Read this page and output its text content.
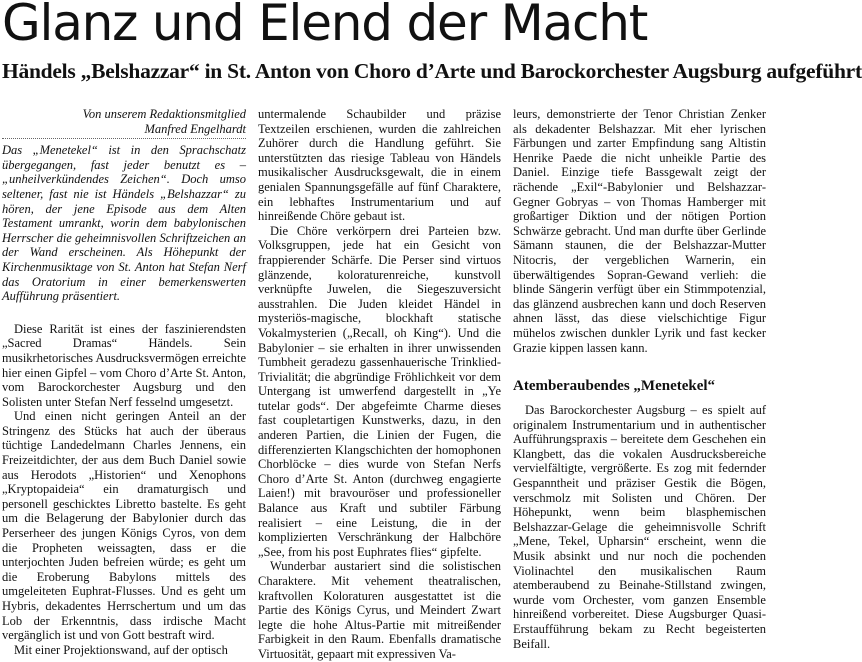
Glanz und Elend der Macht
Händels „Belshazzar“ in St. Anton von Choro d’Arte und Barockorchester Augsburg aufgeführt

Von unserem Redaktionsmitglied

Manfred Engelhardt

Das „Menetekel“ ist in den Sprachschatz übergegangen, fast jeder benutzt es – „unheilverkündendes Zeichen“. Doch umso seltener, fast nie ist Händels „Belshazzar“ zu hören, der jene Episode aus dem Alten Testament umrankt, worin dem babylonischen Herrscher die geheimnisvollen Schriftzeichen an der Wand erscheinen. Als Höhepunkt der Kirchenmusiktage von St. Anton hat Stefan Nerf das Oratorium in einer bemerkenswerten Aufführung präsentiert.

Diese Rarität ist eines der faszinierendsten „Sacred Dramas“ Händels. Sein musikrhetorisches Ausdrucksvermögen erreichte hier einen Gipfel – vom Choro d’Arte St. Anton, vom Barockorchester Augsburg und den Solisten unter Stefan Nerf fesselnd umgesetzt.

Und einen nicht geringen Anteil an der Stringenz des Stücks hat auch der überaus tüchtige Landedelmann Charles Jennens, ein Freizeitdichter, der aus dem Buch Daniel sowie aus Herodots „Historien“ und Xenophons „Kryptopaideia“ ein dramaturgisch und personell geschicktes Libretto bastelte. Es geht um die Belagerung der Babylonier durch das Perserheer des jungen Königs Cyros, von dem die Propheten weissagten, dass er die unterjochten Juden befreien würde; es geht um die Eroberung Babylons mittels des umgeleiteten Euphrat-Flusses. Und es geht um Hybris, dekadentes Herrschertum und um das Lob der Erkenntnis, dass irdische Macht vergänglich ist und von Gott bestraft wird.

Mit einer Projektionswand, auf der optisch

untermalende Schaubilder und präzise Textzeilen erschienen, wurden die zahlreichen Zuhörer durch die Handlung geführt. Sie unterstützten das riesige Tableau von Händels musikalischer Ausdrucksgewalt, die in einem genialen Spannungsgefälle auf fünf Charaktere, ein lebhaftes Instrumentarium und auf hinreißende Chöre gebaut ist.

Die Chöre verkörpern drei Parteien bzw. Volksgruppen, jede hat ein Gesicht von frappierender Schärfe. Die Perser sind virtuos glänzende, koloraturenreiche, kunstvoll verknüpfte Juwelen, die Siegeszuversicht ausstrahlen. Die Juden kleidet Händel in mysteriös-magische, blockhaft statische Vokalmysterien („Recall, oh King“). Und die Babylonier – sie erhalten in ihrer unwissenden Tumbheit geradezu gassenhauerische Trinklied-Trivialität; die abgründige Fröhlichkeit vor dem Untergang ist umwerfend dargestellt in „Ye tutelar gods“. Der abgefeimte Charme dieses fast coupletartigen Kunstwerks, dazu, in den anderen Partien, die Linien der Fugen, die differenzierten Klangschichten der homophonen Chorblöcke – dies wurde von Stefan Nerfs Choro d’Arte St. Anton (durchweg engagierte Laien!) mit bravouröser und professioneller Balance aus Kraft und subtiler Färbung realisiert – eine Leistung, die in der komplizierten Verschränkung der Halbchöre „See, from his post Euphrates flies“ gipfelte.

Wunderbar austariert sind die solistischen Charaktere. Mit vehement theatralischen, kraftvollen Koloraturen ausgestattet ist die Partie des Königs Cyrus, und Meindert Zwart legte die hohe Altus-Partie mit mitreißender Farbigkeit in den Raum. Ebenfalls dramatische Virtuosität, gepaart mit expressiven Va-

leurs, demonstrierte der Tenor Christian Zenker als dekadenter Belshazzar. Mit eher lyrischen Färbungen und zarter Empfindung sang Altistin Henrike Paede die nicht unheikle Partie des Daniel. Einzige tiefe Bassgewalt zeigt der rächende „Exil“-Babylonier und Belshazzar-Gegner Gobryas – von Thomas Hamberger mit großartiger Diktion und der nötigen Portion Schwärze gebracht. Und man durfte über Gerlinde Sämann staunen, die der Belshazzar-Mutter Nitocris, der vergeblichen Warnerin, ein überwältigendes Sopran-Gewand verlieh: die blinde Sängerin verfügt über ein Stimmpotenzial, das glänzend ausbrechen kann und doch Reserven ahnen lässt, das diese vielschichtige Figur mühelos zwischen dunkler Lyrik und fast kecker Grazie kippen lassen kann.

Atemberaubendes „Menetekel“

Das Barockorchester Augsburg – es spielt auf originalem Instrumentarium und in authentischer Aufführungspraxis – bereitete dem Geschehen ein Klangbett, das die vokalen Ausdrucksbereiche vervielfältigte, vergrößerte. Es zog mit federnder Gespanntheit und präziser Gestik die Bögen, verschmolz mit Solisten und Chören. Der Höhepunkt, wenn beim blasphemischen Belshazzar-Gelage die geheimnisvolle Schrift „Mene, Tekel, Upharsin“ erscheint, wenn die Musik absinkt und nur noch die pochenden Violinachtel den musikalischen Raum atemberaubend zu Beinahe-Stillstand zwingen, wurde vom Orchester, vom ganzen Ensemble hinreißend vorbereitet. Diese Augsburger Quasi-Erstaufführung bekam zu Recht begeisterten Beifall.
